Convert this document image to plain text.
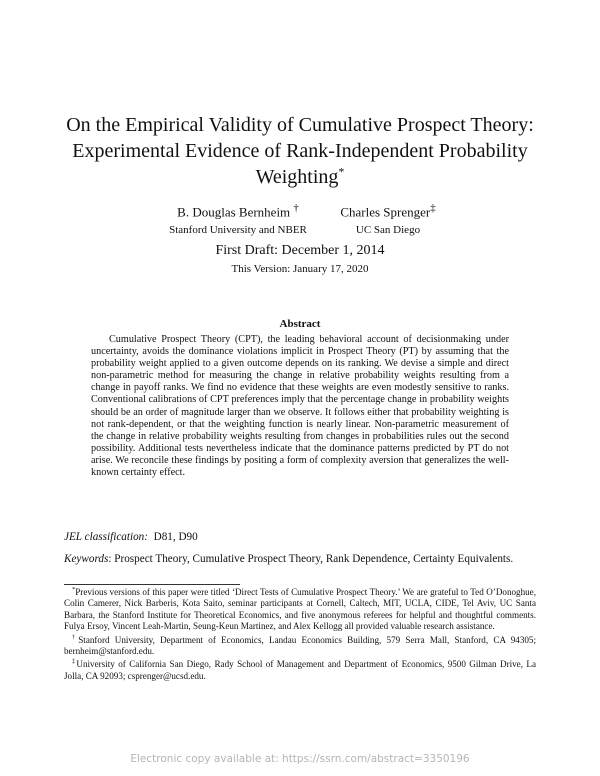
On the Empirical Validity of Cumulative Prospect Theory: Experimental Evidence of Rank-Independent Probability Weighting*
B. Douglas Bernheim †
Stanford University and NBER
Charles Sprenger‡
UC San Diego
First Draft: December 1, 2014
This Version: January 17, 2020
Abstract
Cumulative Prospect Theory (CPT), the leading behavioral account of decisionmaking under uncertainty, avoids the dominance violations implicit in Prospect Theory (PT) by assuming that the probability weight applied to a given outcome depends on its ranking. We devise a simple and direct non-parametric method for measuring the change in relative probability weights resulting from a change in payoff ranks. We find no evidence that these weights are even modestly sensitive to ranks. Conventional calibrations of CPT preferences imply that the percentage change in probability weights should be an order of magnitude larger than we observe. It follows either that probability weighting is not rank-dependent, or that the weighting function is nearly linear. Non-parametric measurement of the change in relative probability weights resulting from changes in probabilities rules out the second possibility. Additional tests nevertheless indicate that the dominance patterns predicted by PT do not arise. We reconcile these findings by positing a form of complexity aversion that generalizes the well-known certainty effect.
JEL classification: D81, D90
Keywords: Prospect Theory, Cumulative Prospect Theory, Rank Dependence, Certainty Equivalents.

*Previous versions of this paper were titled ‘Direct Tests of Cumulative Prospect Theory.’ We are grateful to Ted O’Donoghue, Colin Camerer, Nick Barberis, Kota Saito, seminar participants at Cornell, Caltech, MIT, UCLA, CIDE, Tel Aviv, UC Santa Barbara, the Stanford Institute for Theoretical Economics, and five anonymous referees for helpful and thoughtful comments. Fulya Ersoy, Vincent Leah-Martin, Seung-Keun Martinez, and Alex Kellogg all provided valuable research assistance.

†Stanford University, Department of Economics, Landau Economics Building, 579 Serra Mall, Stanford, CA 94305; bernheim@stanford.edu.

‡University of California San Diego, Rady School of Management and Department of Economics, 9500 Gilman Drive, La Jolla, CA 92093; csprenger@ucsd.edu.

Electronic copy available at: https://ssrn.com/abstract=3350196
